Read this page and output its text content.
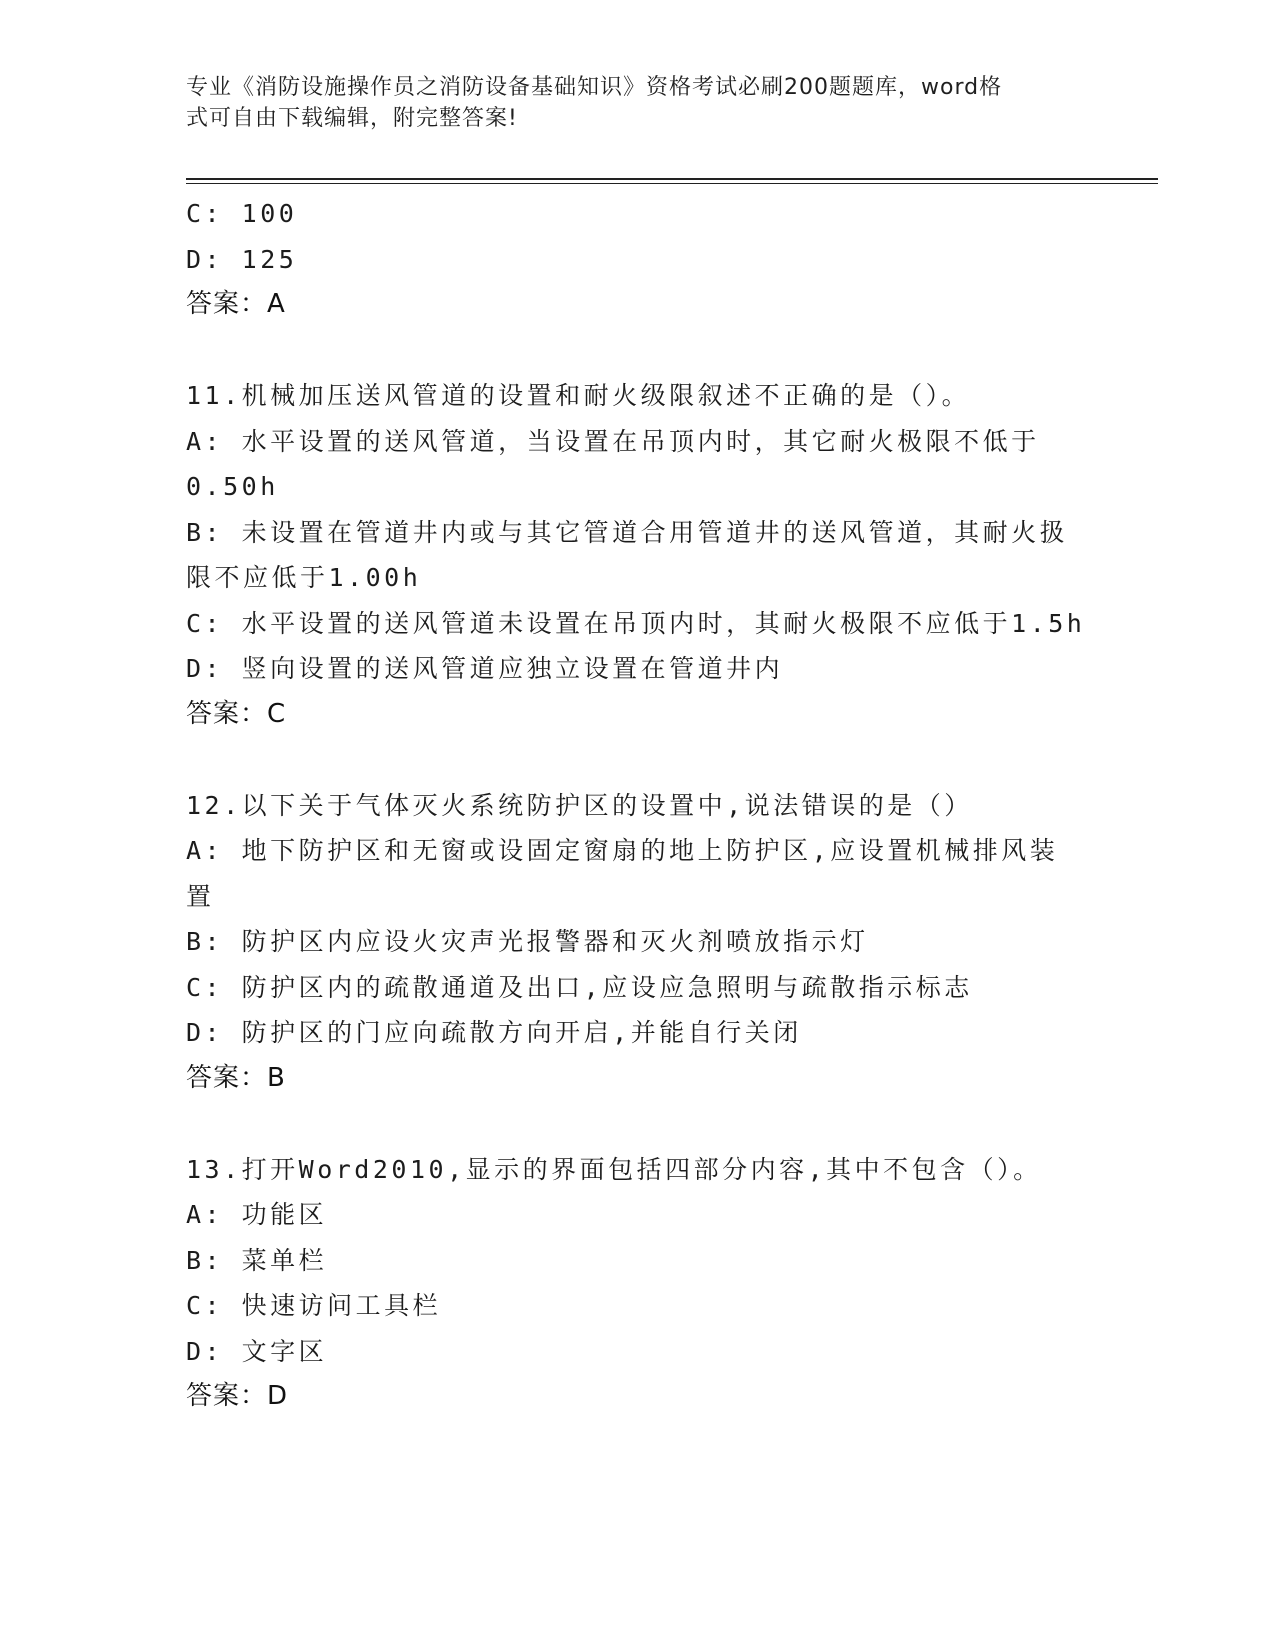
专业《消防设施操作员之消防设备基础知识》资格考试必刷200题题库，word格
式可自由下载编辑，附完整答案!
C: 100
D: 125
答案：A
11.机械加压送风管道的设置和耐火级限叙述不正确的是（）。
A: 水平设置的送风管道，当设置在吊顶内时，其它耐火极限不低于
0.50h
B: 未设置在管道井内或与其它管道合用管道井的送风管道，其耐火扱
限不应低于1.00h
C: 水平设置的送风管道未设置在吊顶内时，其耐火极限不应低于1.5h
D: 竖向设置的送风管道应独立设置在管道井内
答案：C
12.以下关于气体灭火系统防护区的设置中,说法错误的是（）
A: 地下防护区和无窗或设固定窗扇的地上防护区,应设置机械排风装
置
B: 防护区内应设火灾声光报警器和灭火剂喷放指示灯
C: 防护区内的疏散通道及出口,应设应急照明与疏散指示标志
D: 防护区的门应向疏散方向开启,并能自行关闭
答案：B
13.打开Word2010,显示的界面包括四部分内容,其中不包含（）。
A: 功能区
B: 菜单栏
C: 快速访问工具栏
D: 文字区
答案：D
